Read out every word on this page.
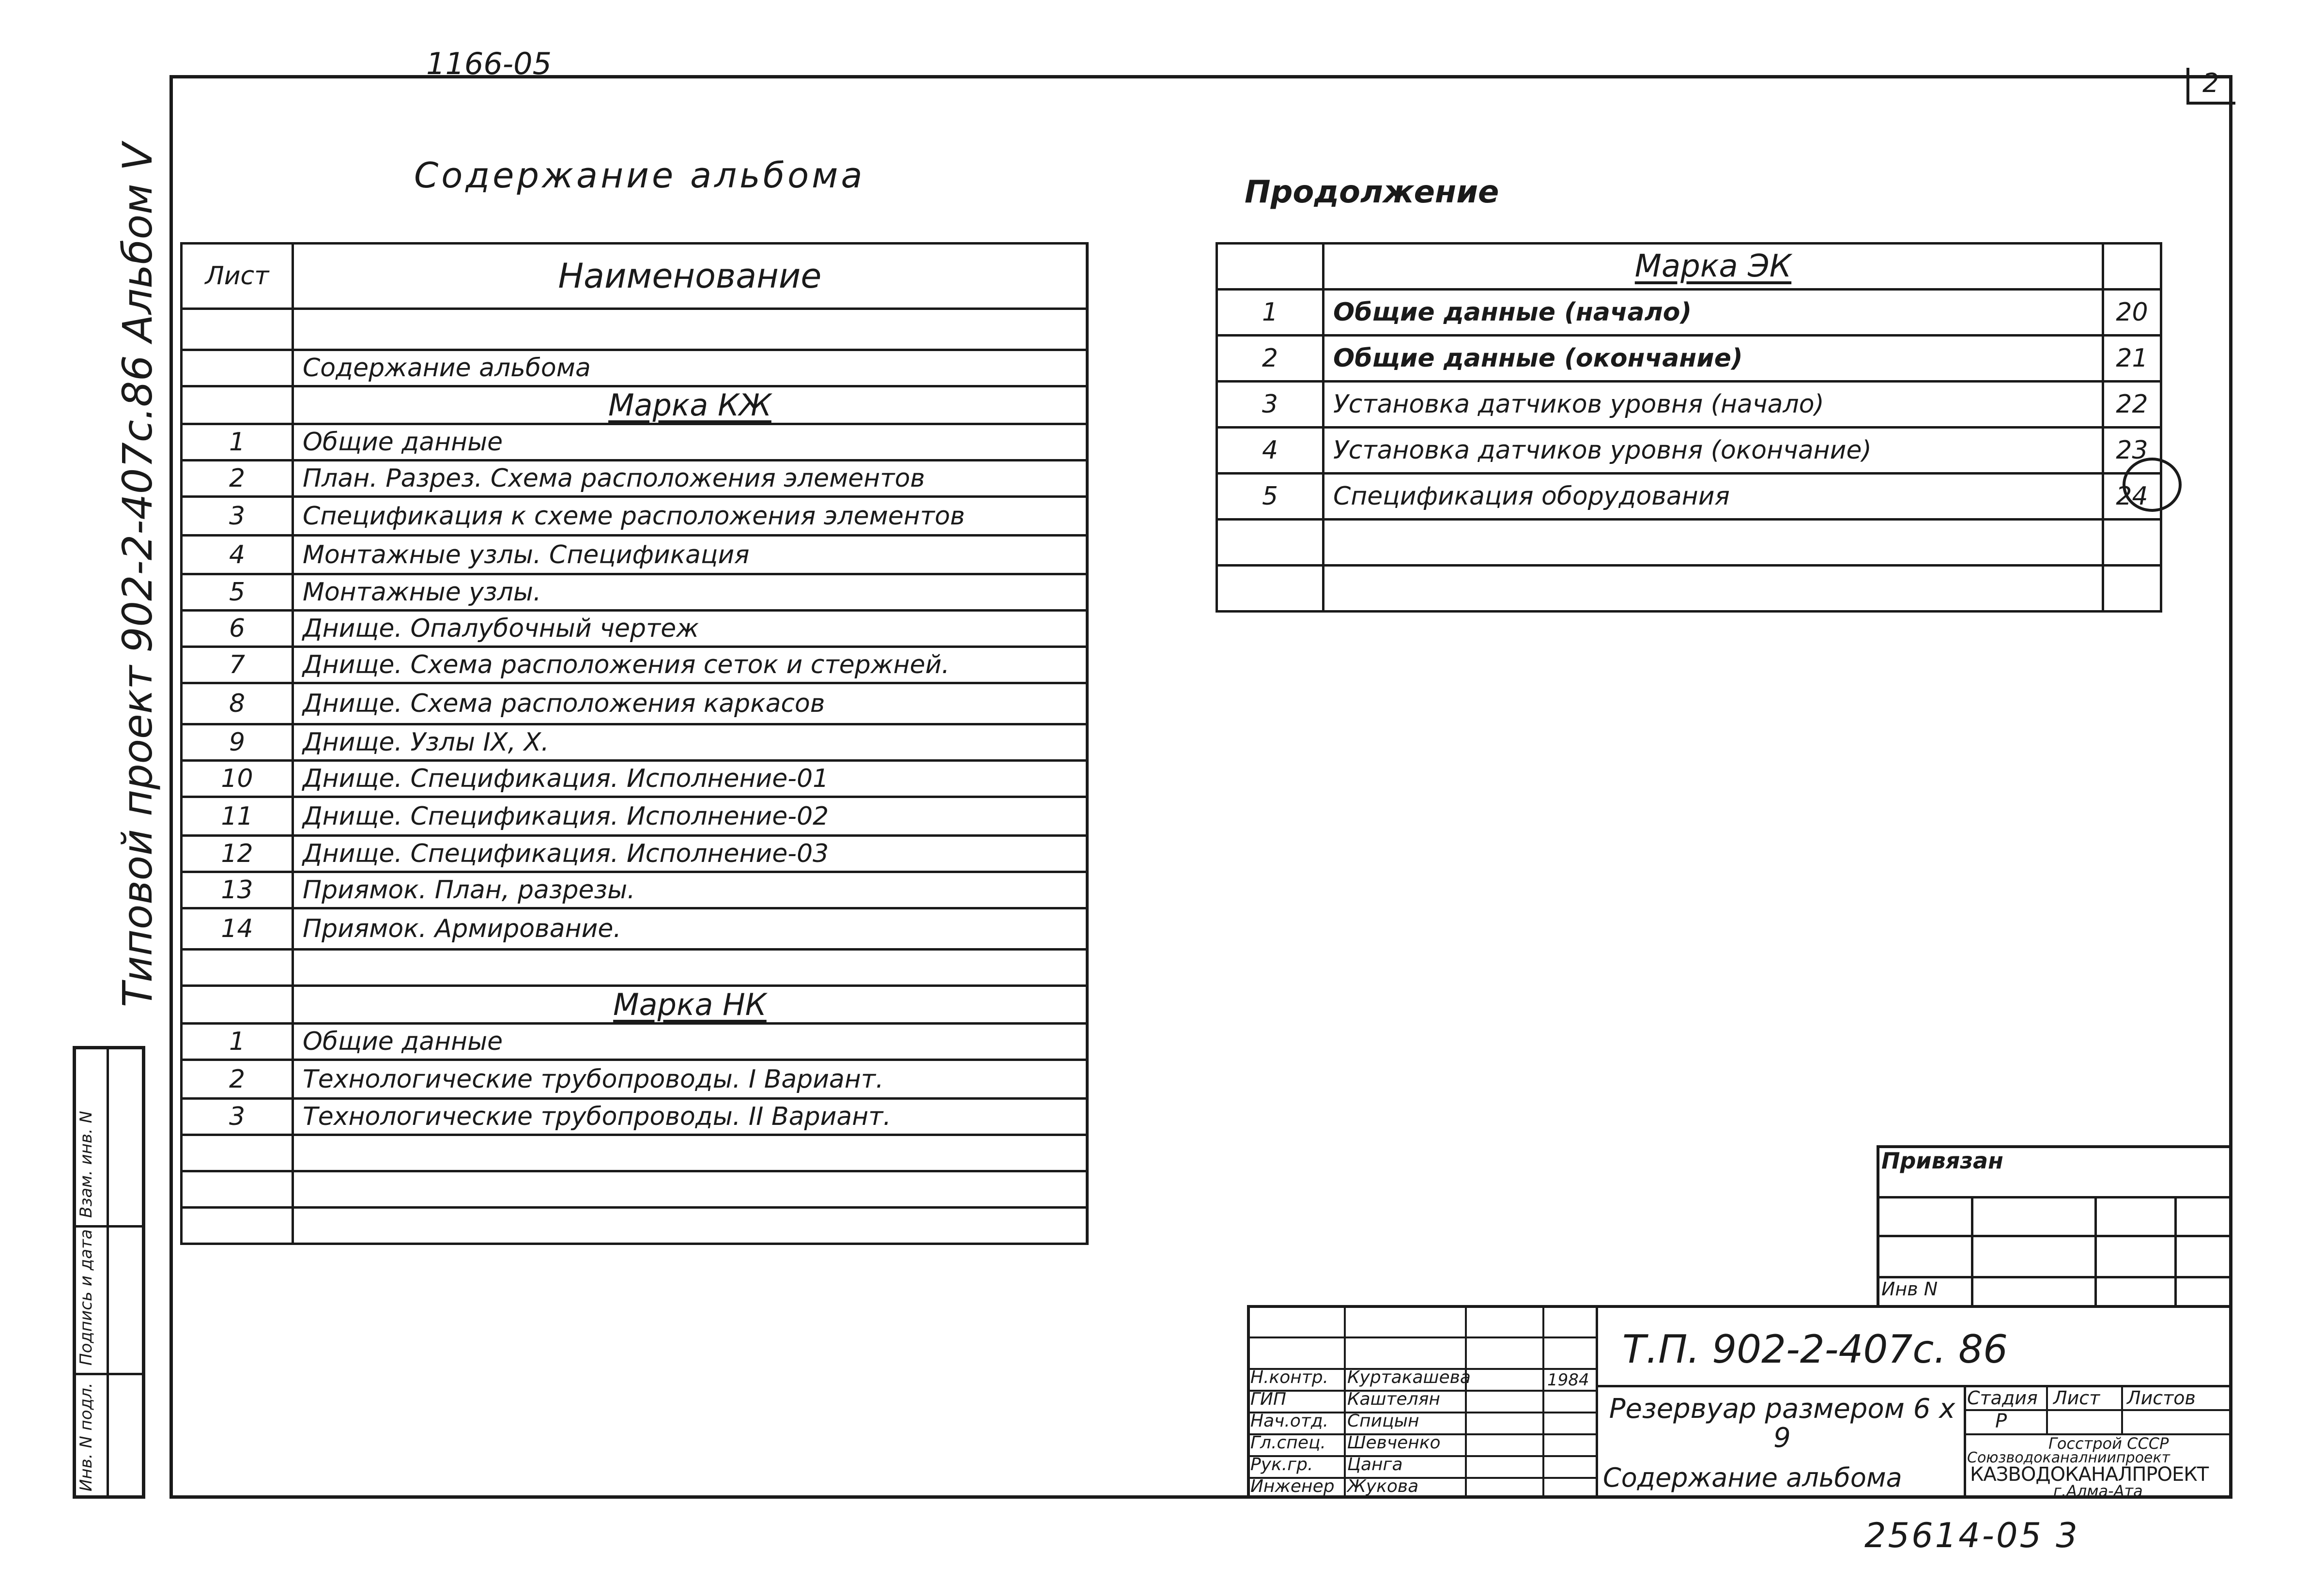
1166-05
2
Типовой проект 902-2-407с.86 Альбом V
Инв. N подл.
Подпись и дата
Взам. инв. N
Содержание альбома	Продолжение
Лист	Наименование	

	Содержание альбома	
	Марка КЖ	
1	Общие данные	
2	План. Разрез. Схема расположения элементов	
3	Спецификация к схеме расположения элементов	
4	Монтажные узлы. Спецификация	
5	Монтажные узлы.	
6	Днище. Опалубочный чертеж	
7	Днище. Схема расположения сеток и стержней.	
8	Днище. Схема расположения каркасов	
9	Днище. Узлы IX, X.	
10	Днище. Спецификация. Исполнение-01	
11	Днище. Спецификация. Исполнение-02	
12	Днище. Спецификация. Исполнение-03	
13	Приямок. План, разрезы.	
14	Приямок. Армирование.	

	Марка НК	
1	Общие данные	
2	Технологические трубопроводы. I Вариант.	
3	Технологические трубопроводы. II Вариант.	

	Марка ЭК	
1	Общие данные (начало)	20
2	Общие данные (окончание)	21
3	Установка датчиков уровня (начало)	22
4	Установка датчиков уровня (окончание)	23
5	Спецификация оборудования	24

Привязан
Инв N
Н.контр. Куртакашева
ГИП	Каштелян
Нач.отд. Спицын
Гл.спец. Шевченко
Рук.гр. Цанга
Инженер Жукова
1984
Т.П. 902-2-407с. 86
Резервуар размером 6 х 9
Содержание альбома
Стадия Лист Листов
Р
Госстрой СССР
Союзводоканалниипроект
КАЗВОДОКАНАЛПРОЕКТ
г.Алма-Ата
25614-05 3
